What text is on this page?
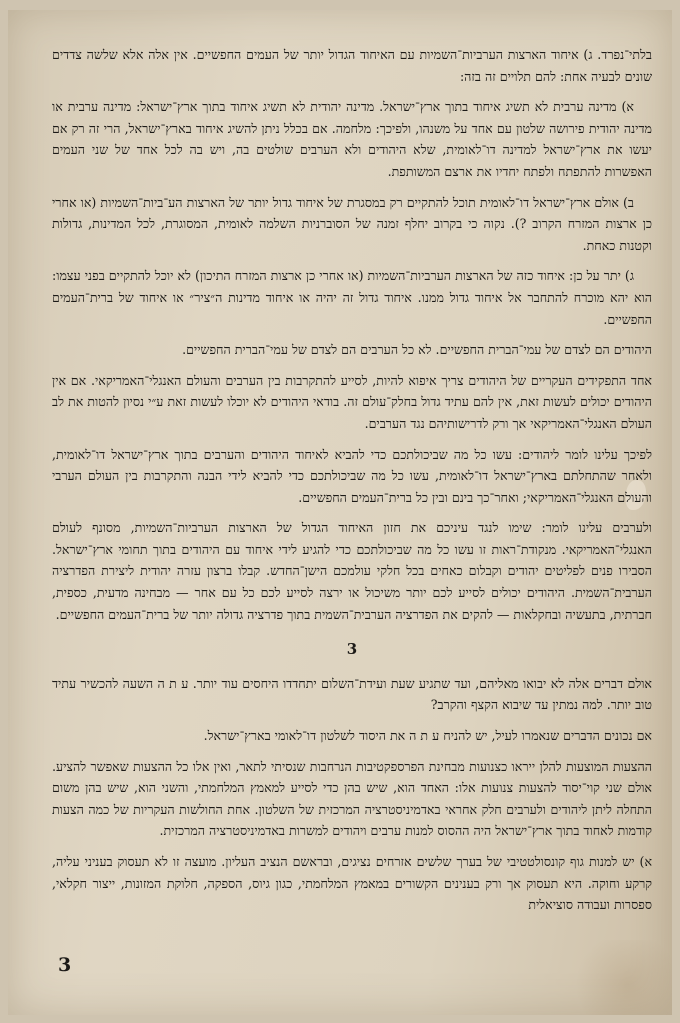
בלתי־נפרד. ג) איחוד הארצות הערביות־השמיות עם האיחוד הגדול יותר של העמים החפשיים. אין אלה אלא שלשה צדדים שונים לבעיה אחת: להם תלויים זה בזה:

א) מדינה ערבית לא תשיג איחוד בתוך ארץ־ישראל. מדינה יהודית לא תשיג איחוד בתוך ארץ־ישראל: מדינה ערבית או מדינה יהודית פירושה שלטון עם אחד על משנהו, ולפיכך: מלחמה. אם בכלל ניתן להשיג איחוד בארץ־ישראל, הרי זה רק אם יעשו את ארץ־ישראל למדינה דו־לאומית, שלא היהודים ולא הערבים שולטים בה, ויש בה לכל אחד של שני העמים האפשרות להתפתח ולפתח יחדיו את ארצם המשותפת.

ב) אולם ארץ־ישראל דו־לאומית תוכל להתקיים רק במסגרת של איחוד גדול יותר של הארצות הע־ביות־השמיות (או אחרי כן ארצות המזרח הקרוב ?). נקוה כי בקרוב יחלף זמנה של הסוברניות השלמה לאומית, המסוגרת, לכל המדינות, גדולות וקטנות כאחת.

ג) יתר על כן: איחוד כזה של הארצות הערביות־השמיות (או אחרי כן ארצות המזרח התיכון) לא יוכל להתקיים בפני עצמו: הוא יהא מוכרח להתחבר אל איחוד גדול ממנו. איחוד גדול זה יהיה או איחוד מדינות ה״ציר״ או איחוד של ברית־העמים החפשיים.

היהודים הם לצדם של עמי־הברית החפשיים. לא כל הערבים הם לצדם של עמי־הברית החפשיים.

אחד התפקידים העקריים של היהודים צריך איפוא להיות, לסייע להתקרבות בין הערבים והעולם האנגלי־האמריקאי. אם אין היהודים יכולים לעשות זאת, אין להם עתיד גדול בחלק־עולם זה. בודאי היהודים לא יוכלו לעשות זאת ע״י נסיון להטות את לב העולם האנגלי־האמריקאי אך ורק לדרישותיהם נגד הערבים.

לפיכך עלינו לומר ליהודים: עשו כל מה שביכולתכם כדי להביא לאיחוד היהודים והערבים בתוך ארץ־ישראל דו־לאומית, ולאחר שהתחלתם בארץ־ישראל דו־לאומית, עשו כל מה שביכולתכם כדי להביא לידי הבנה והתקרבות בין העולם הערבי והעולם האנגלי־האמריקאי; ואחר־כך בינם ובין כל ברית־העמים החפשיים.

ולערבים עלינו לומר: שימו לנגד עיניכם את חזון האיחוד הגדול של הארצות הערביות־השמיות, מסונף לעולם האנגלי־האמריקאי. מנקודת־ראות זו עשו כל מה שביכולתכם כדי להגיע לידי איחוד עם היהודים בתוך תחומי ארץ־ישראל. הסבירו פנים לפליטים יהודים וקבלום כאחים בכל חלקי עולמכם הישן־החדש. קבלו ברצון עזרה יהודית ליצירת הפדרציה הערבית־השמית. היהודים יכולים לסייע לכם יותר משיכול או ירצה לסייע לכם כל עם אחר — מבחינה מדעית, כספית, חברתית, בתעשיה ובחקלאות — להקים את הפדרציה הערבית־השמית בתוך פדרציה גדולה יותר של ברית־העמים החפשיים.

3

אולם דברים אלה לא יבואו מאליהם, ועד שתגיע שעת ועידת־השלום יתחדדו היחסים עוד יותר. ע ת ה השעה להכשיר עתיד טוב יותר. למה נמתין עד שיבוא הקצף והקרב?

אם נכונים הדברים שנאמרו לעיל, יש להניח ע ת ה את היסוד לשלטון דו־לאומי בארץ־ישראל.

ההצעות המוצעות להלן ייראו כצנועות מבחינת הפרספקטיבות הנרחבות שנסיתי לתאר, ואין אלו כל ההצעות שאפשר להציע. אולם שני קוי־יסוד להצעות צנועות אלו: האחד הוא, שיש בהן כדי לסייע למאמץ המלחמתי, והשני הוא, שיש בהן משום התחלה ליתן ליהודים ולערבים חלק אחראי באדמיניסטרציה המרכזית של השלטון. אחת החולשות העקריות של כמה הצעות קודמות לאחוד בתוך ארץ־ישראל היה ההסוס למנות ערבים ויהודים למשרות באדמיניסטרציה המרכזית.

א) יש למנות גוף קונסולטטיבי של בערך שלשים אזרחים נציגים, ובראשם הנציב העליון. מועצה זו לא תעסוק בעניני עליה, קרקע וחוקה. היא תעסוק אך ורק בענינים הקשורים במאמץ המלחמתי, כגון גיוס, הספקה, חלוקת המזונות, ייצור חקלאי, ספסרות ועבודה סוציאלית

3
